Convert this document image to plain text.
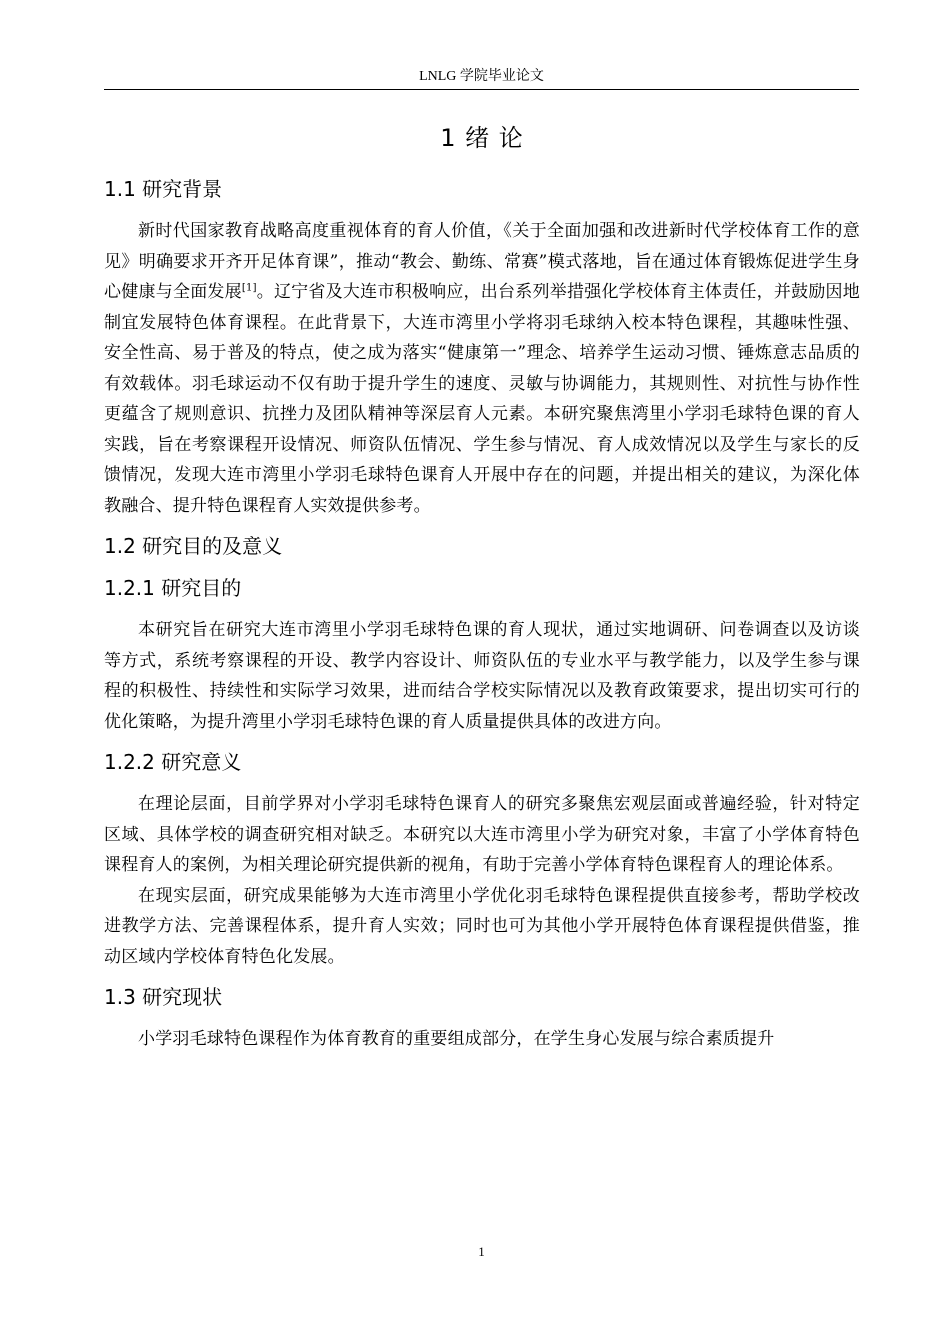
LNLG 学院毕业论文
1 绪 论
1.1 研究背景

新时代国家教育战略高度重视体育的育人价值，《关于全面加强和改进新时代学校体育工作的意见》明确要求开齐开足体育课”，推动“教会、勤练、常赛”模式落地，旨在通过体育锻炼促进学生身心健康与全面发展[1]。辽宁省及大连市积极响应，出台系列举措强化学校体育主体责任，并鼓励因地制宜发展特色体育课程。在此背景下，大连市湾里小学将羽毛球纳入校本特色课程，其趣味性强、安全性高、易于普及的特点，使之成为落实“健康第一”理念、培养学生运动习惯、锤炼意志品质的有效载体。羽毛球运动不仅有助于提升学生的速度、灵敏与协调能力，其规则性、对抗性与协作性更蕴含了规则意识、抗挫力及团队精神等深层育人元素。本研究聚焦湾里小学羽毛球特色课的育人实践，旨在考察课程开设情况、师资队伍情况、学生参与情况、育人成效情况以及学生与家长的反馈情况，发现大连市湾里小学羽毛球特色课育人开展中存在的问题，并提出相关的建议，为深化体教融合、提升特色课程育人实效提供参考。

1.2 研究目的及意义
1.2.1 研究目的

本研究旨在研究大连市湾里小学羽毛球特色课的育人现状，通过实地调研、问卷调查以及访谈等方式，系统考察课程的开设、教学内容设计、师资队伍的专业水平与教学能力，以及学生参与课程的积极性、持续性和实际学习效果，进而结合学校实际情况以及教育政策要求，提出切实可行的优化策略，为提升湾里小学羽毛球特色课的育人质量提供具体的改进方向。

1.2.2 研究意义

在理论层面，目前学界对小学羽毛球特色课育人的研究多聚焦宏观层面或普遍经验，针对特定区域、具体学校的调查研究相对缺乏。本研究以大连市湾里小学为研究对象，丰富了小学体育特色课程育人的案例，为相关理论研究提供新的视角，有助于完善小学体育特色课程育人的理论体系。

在现实层面，研究成果能够为大连市湾里小学优化羽毛球特色课程提供直接参考，帮助学校改进教学方法、完善课程体系，提升育人实效；同时也可为其他小学开展特色体育课程提供借鉴，推动区域内学校体育特色化发展。

1.3 研究现状

小学羽毛球特色课程作为体育教育的重要组成部分，在学生身心发展与综合素质提升

1
